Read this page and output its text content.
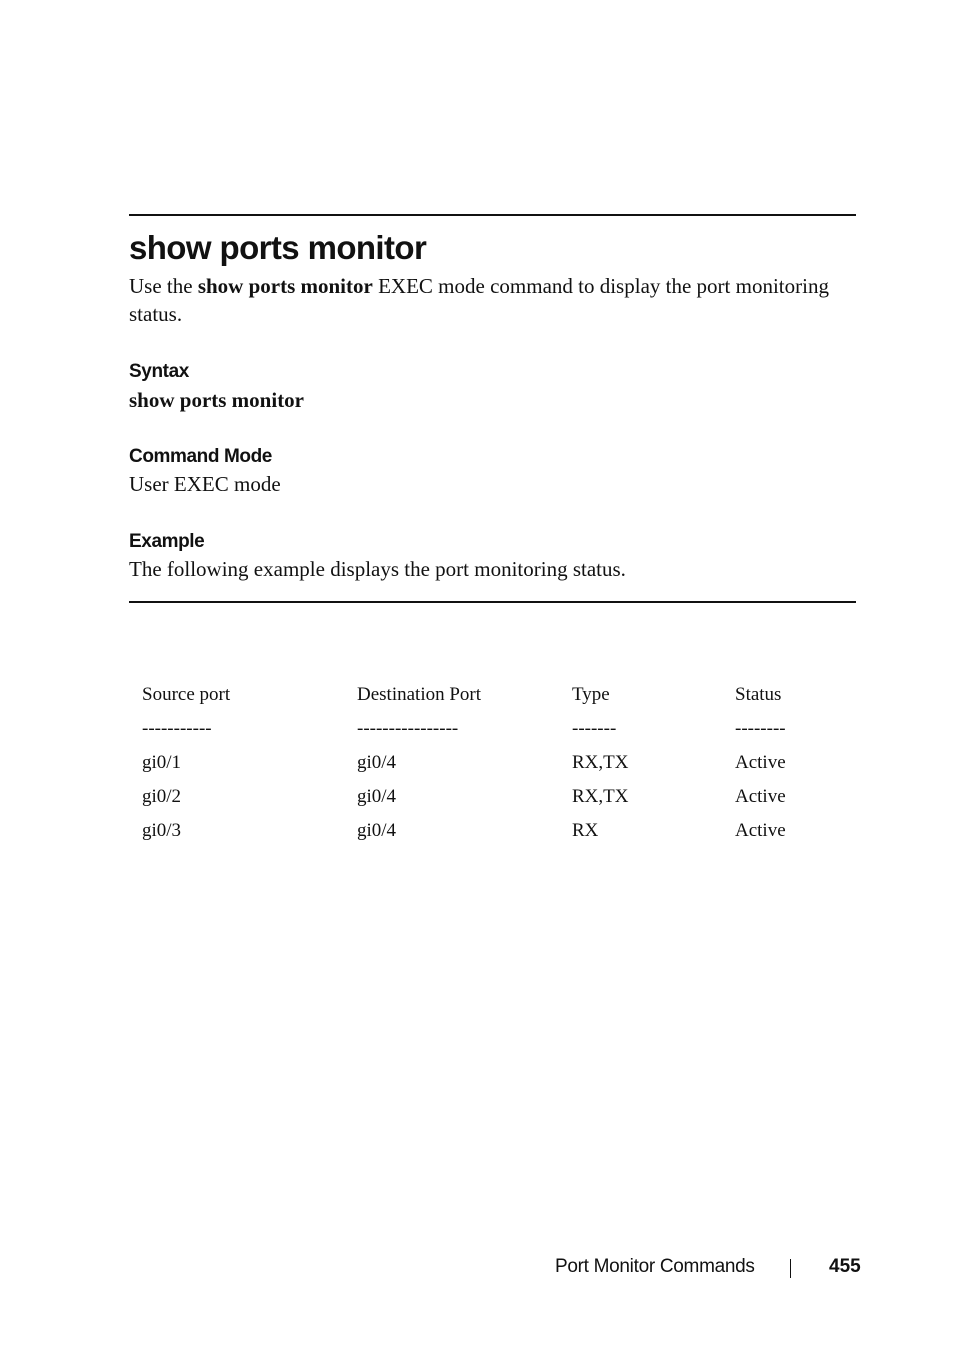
show ports monitor

Use the show ports monitor EXEC mode command to display the port monitoring status.

Syntax

show ports monitor

Command Mode

User EXEC mode

Example

The following example displays the port monitoring status.

Source port	Destination Port	Type	Status
-----------	----------------	-------	--------
gi0/1	gi0/4	RX,TX	Active
gi0/2	gi0/4	RX,TX	Active
gi0/3	gi0/4	RX	Active
Port Monitor Commands	455
